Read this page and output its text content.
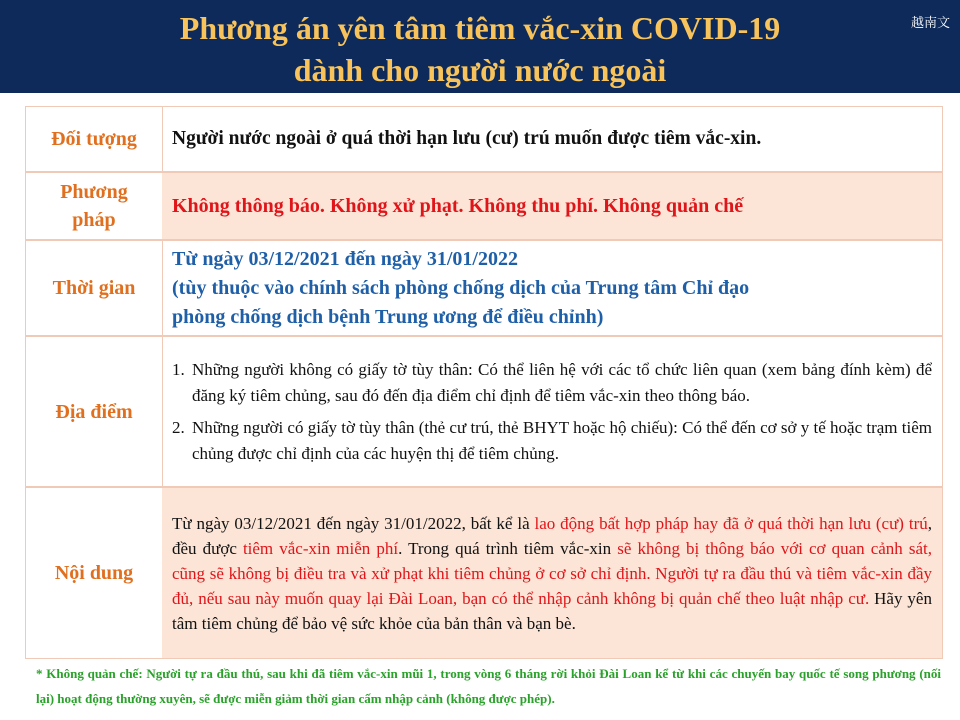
Phương án yên tâm tiêm vắc-xin COVID-19
dành cho người nước ngoài
越南文
Đối tượng	Người nước ngoài ở quá thời hạn lưu (cư) trú muốn được tiêm vắc-xin.
Phương
pháp
Không thông báo. Không xử phạt. Không thu phí. Không quản chế
Thời gian

Từ ngày 03/12/2021 đến ngày 31/01/2022

(tùy thuộc vào chính sách phòng chống dịch của Trung tâm Chỉ đạo

phòng chống dịch bệnh Trung ương để điều chỉnh)

Địa điểm
1. Những người không có giấy tờ tùy thân: Có thể liên hệ với các tổ chức liên quan (xem bảng đính kèm) để đăng ký tiêm chủng, sau đó đến địa điểm chỉ định để tiêm vắc-xin theo thông báo.
2. Những người có giấy tờ tùy thân (thẻ cư trú, thẻ BHYT hoặc hộ chiếu): Có thể đến cơ sở y tế hoặc trạm tiêm chủng được chỉ định của các huyện thị để tiêm chủng.
Nội dung
Từ ngày 03/12/2021 đến ngày 31/01/2022, bất kể là lao động bất hợp pháp hay đã ở quá thời hạn lưu (cư) trú, đều được tiêm vắc-xin miễn phí. Trong quá trình tiêm vắc-xin sẽ không bị thông báo với cơ quan cảnh sát, cũng sẽ không bị điều tra và xử phạt khi tiêm chủng ở cơ sở chỉ định. Người tự ra đầu thú và tiêm vắc-xin đầy đủ, nếu sau này muốn quay lại Đài Loan, bạn có thể nhập cảnh không bị quản chế theo luật nhập cư. Hãy yên tâm tiêm chủng để bảo vệ sức khỏe của bản thân và bạn bè.
* Không quản chế: Người tự ra đầu thú, sau khi đã tiêm vắc-xin mũi 1, trong vòng 6 tháng rời khỏi Đài Loan kể từ khi các chuyến bay quốc tế song phương (nối lại) hoạt động thường xuyên, sẽ được miễn giảm thời gian cấm nhập cảnh (không được phép).
